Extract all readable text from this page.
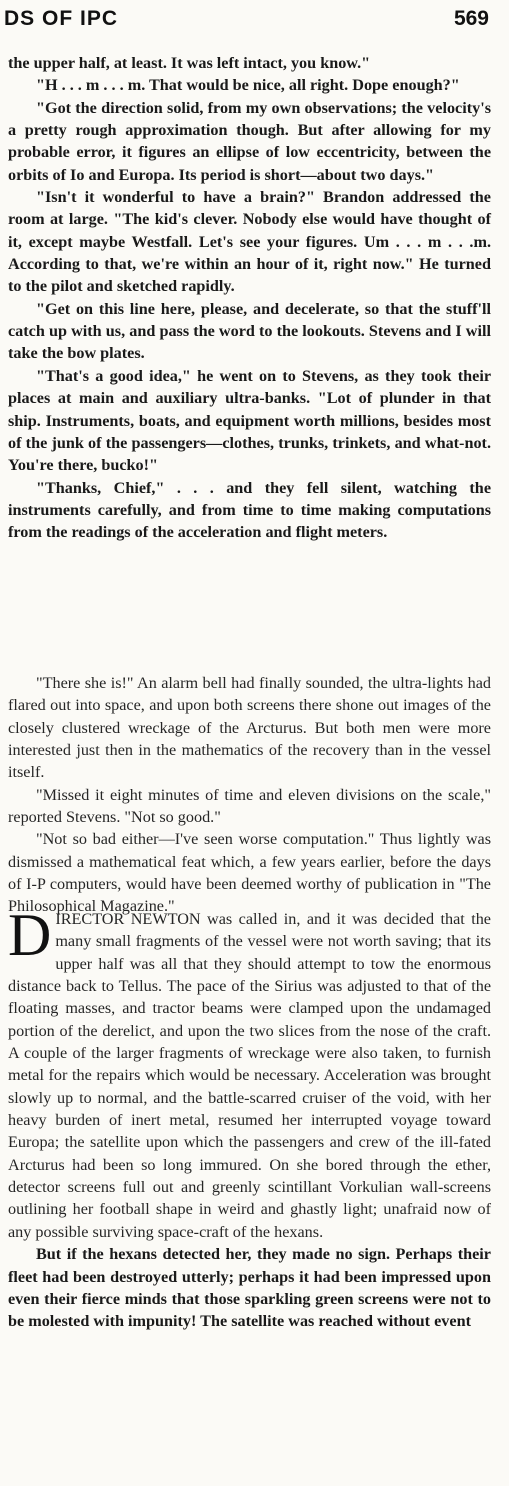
DS OF IPC	569

the upper half, at least. It was left intact, you know."

"H . . . m . . . m. That would be nice, all right. Dope enough?"

"Got the direction solid, from my own observations; the velocity's a pretty rough approximation though. But after allowing for my probable error, it figures an ellipse of low eccentricity, between the orbits of Io and Europa. Its period is short—about two days."

"Isn't it wonderful to have a brain?" Brandon addressed the room at large. "The kid's clever. Nobody else would have thought of it, except maybe Westfall. Let's see your figures. Um . . . m . . .m. According to that, we're within an hour of it, right now." He turned to the pilot and sketched rapidly.

"Get on this line here, please, and decelerate, so that the stuff'll catch up with us, and pass the word to the lookouts. Stevens and I will take the bow plates.

"That's a good idea," he went on to Stevens, as they took their places at main and auxiliary ultra-banks. "Lot of plunder in that ship. Instruments, boats, and equipment worth millions, besides most of the junk of the passengers—clothes, trunks, trinkets, and what-not. You're there, bucko!"

"Thanks, Chief," . . . and they fell silent, watching the instruments carefully, and from time to time making computations from the readings of the acceleration and flight meters.

"There she is!" An alarm bell had finally sounded, the ultra-lights had flared out into space, and upon both screens there shone out images of the closely clustered wreckage of the Arcturus. But both men were more interested just then in the mathematics of the recovery than in the vessel itself.

"Missed it eight minutes of time and eleven divisions on the scale," reported Stevens. "Not so good."

"Not so bad either—I've seen worse computation." Thus lightly was dismissed a mathematical feat which, a few years earlier, before the days of I-P computers, would have been deemed worthy of publication in "The Philosophical Magazine."

DIRECTOR NEWTON was called in, and it was decided that the many small fragments of the vessel were not worth saving; that its upper half was all that they should attempt to tow the enormous distance back to Tellus. The pace of the Sirius was adjusted to that of the floating masses, and tractor beams were clamped upon the undamaged portion of the derelict, and upon the two slices from the nose of the craft. A couple of the larger fragments of wreckage were also taken, to furnish metal for the repairs which would be necessary. Acceleration was brought slowly up to normal, and the battle-scarred cruiser of the void, with her heavy burden of inert metal, resumed her interrupted voyage toward Europa; the satellite upon which the passengers and crew of the ill-fated Arcturus had been so long immured. On she bored through the ether, detector screens full out and greenly scintillant Vorkulian wall-screens outlining her football shape in weird and ghastly light; unafraid now of any possible surviving space-craft of the hexans.

But if the hexans detected her, they made no sign. Perhaps their fleet had been destroyed utterly; perhaps it had been impressed upon even their fierce minds that those sparkling green screens were not to be molested with impunity! The satellite was reached without event
